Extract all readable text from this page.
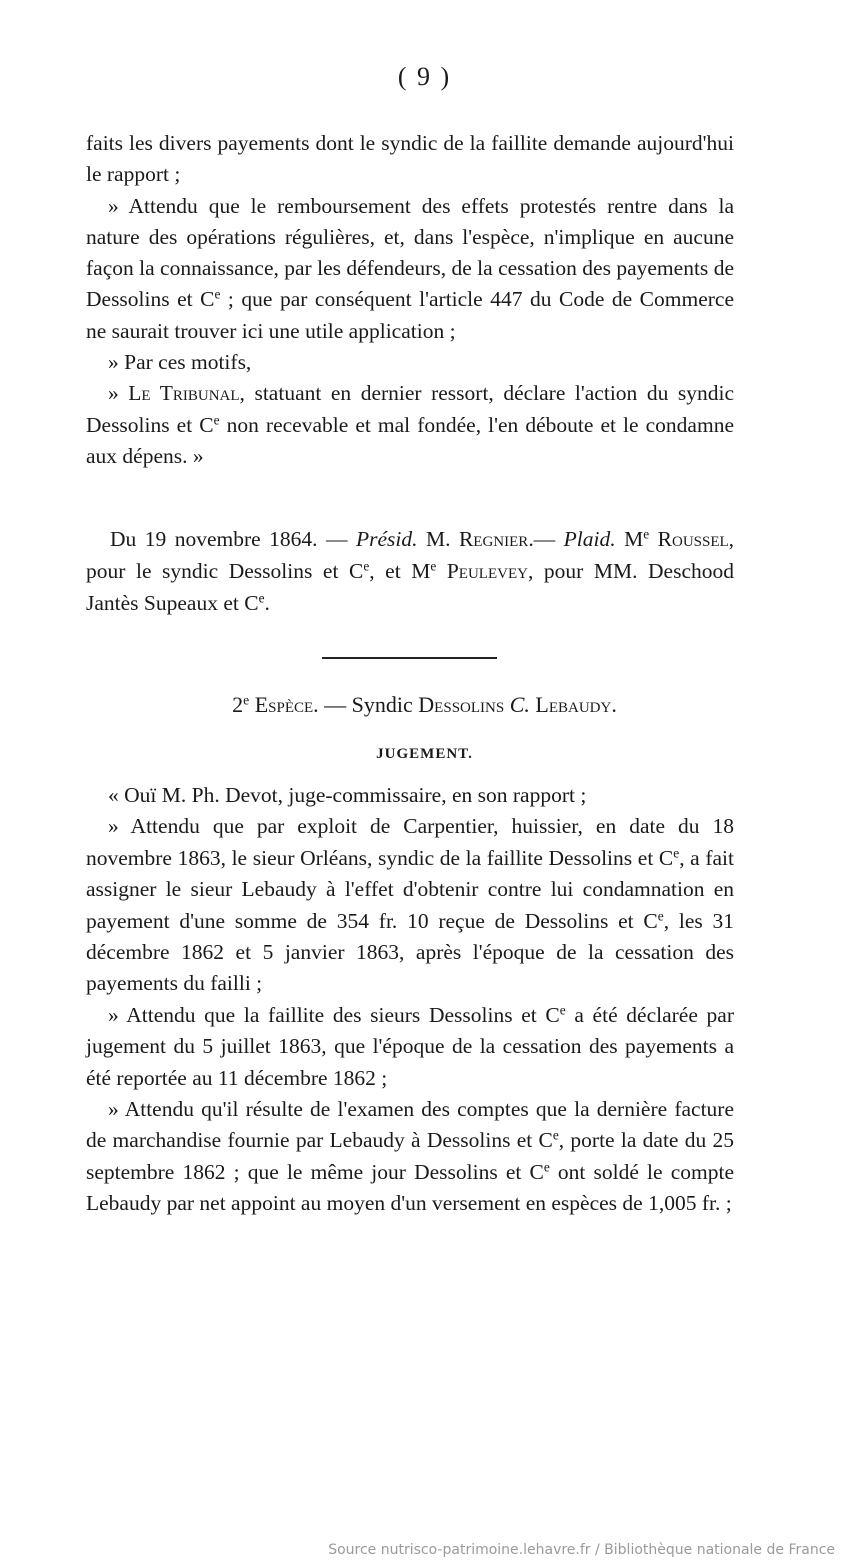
( 9 )

faits les divers payements dont le syndic de la faillite demande aujourd'hui le rapport ;

» Attendu que le remboursement des effets protestés rentre dans la nature des opérations régulières, et, dans l'espèce, n'implique en aucune façon la connaissance, par les défendeurs, de la cessation des payements de Dessolins et Ce ; que par conséquent l'article 447 du Code de Commerce ne saurait trouver ici une utile application ;

» Par ces motifs,

» Le Tribunal, statuant en dernier ressort, déclare l'action du syndic Dessolins et Ce non recevable et mal fondée, l'en déboute et le condamne aux dépens. »

Du 19 novembre 1864. — Présid. M. Regnier.— Plaid. Me Roussel, pour le syndic Dessolins et Ce, et Me Peulevey, pour MM. Deschood Jantès Supeaux et Ce.

2e Espèce. — Syndic Dessolins C. Lebaudy.
JUGEMENT.

« Ouï M. Ph. Devot, juge-commissaire, en son rapport ;

» Attendu que par exploit de Carpentier, huissier, en date du 18 novembre 1863, le sieur Orléans, syndic de la faillite Dessolins et Ce, a fait assigner le sieur Lebaudy à l'effet d'obtenir contre lui condamnation en payement d'une somme de 354 fr. 10 reçue de Dessolins et Ce, les 31 décembre 1862 et 5 janvier 1863, après l'époque de la cessation des payements du failli ;

» Attendu que la faillite des sieurs Dessolins et Ce a été déclarée par jugement du 5 juillet 1863, que l'époque de la cessation des payements a été reportée au 11 décembre 1862 ;

» Attendu qu'il résulte de l'examen des comptes que la dernière facture de marchandise fournie par Lebaudy à Dessolins et Ce, porte la date du 25 septembre 1862 ; que le même jour Dessolins et Ce ont soldé le compte Lebaudy par net appoint au moyen d'un versement en espèces de 1,005 fr. ;

Source nutrisco-patrimoine.lehavre.fr / Bibliothèque nationale de France
